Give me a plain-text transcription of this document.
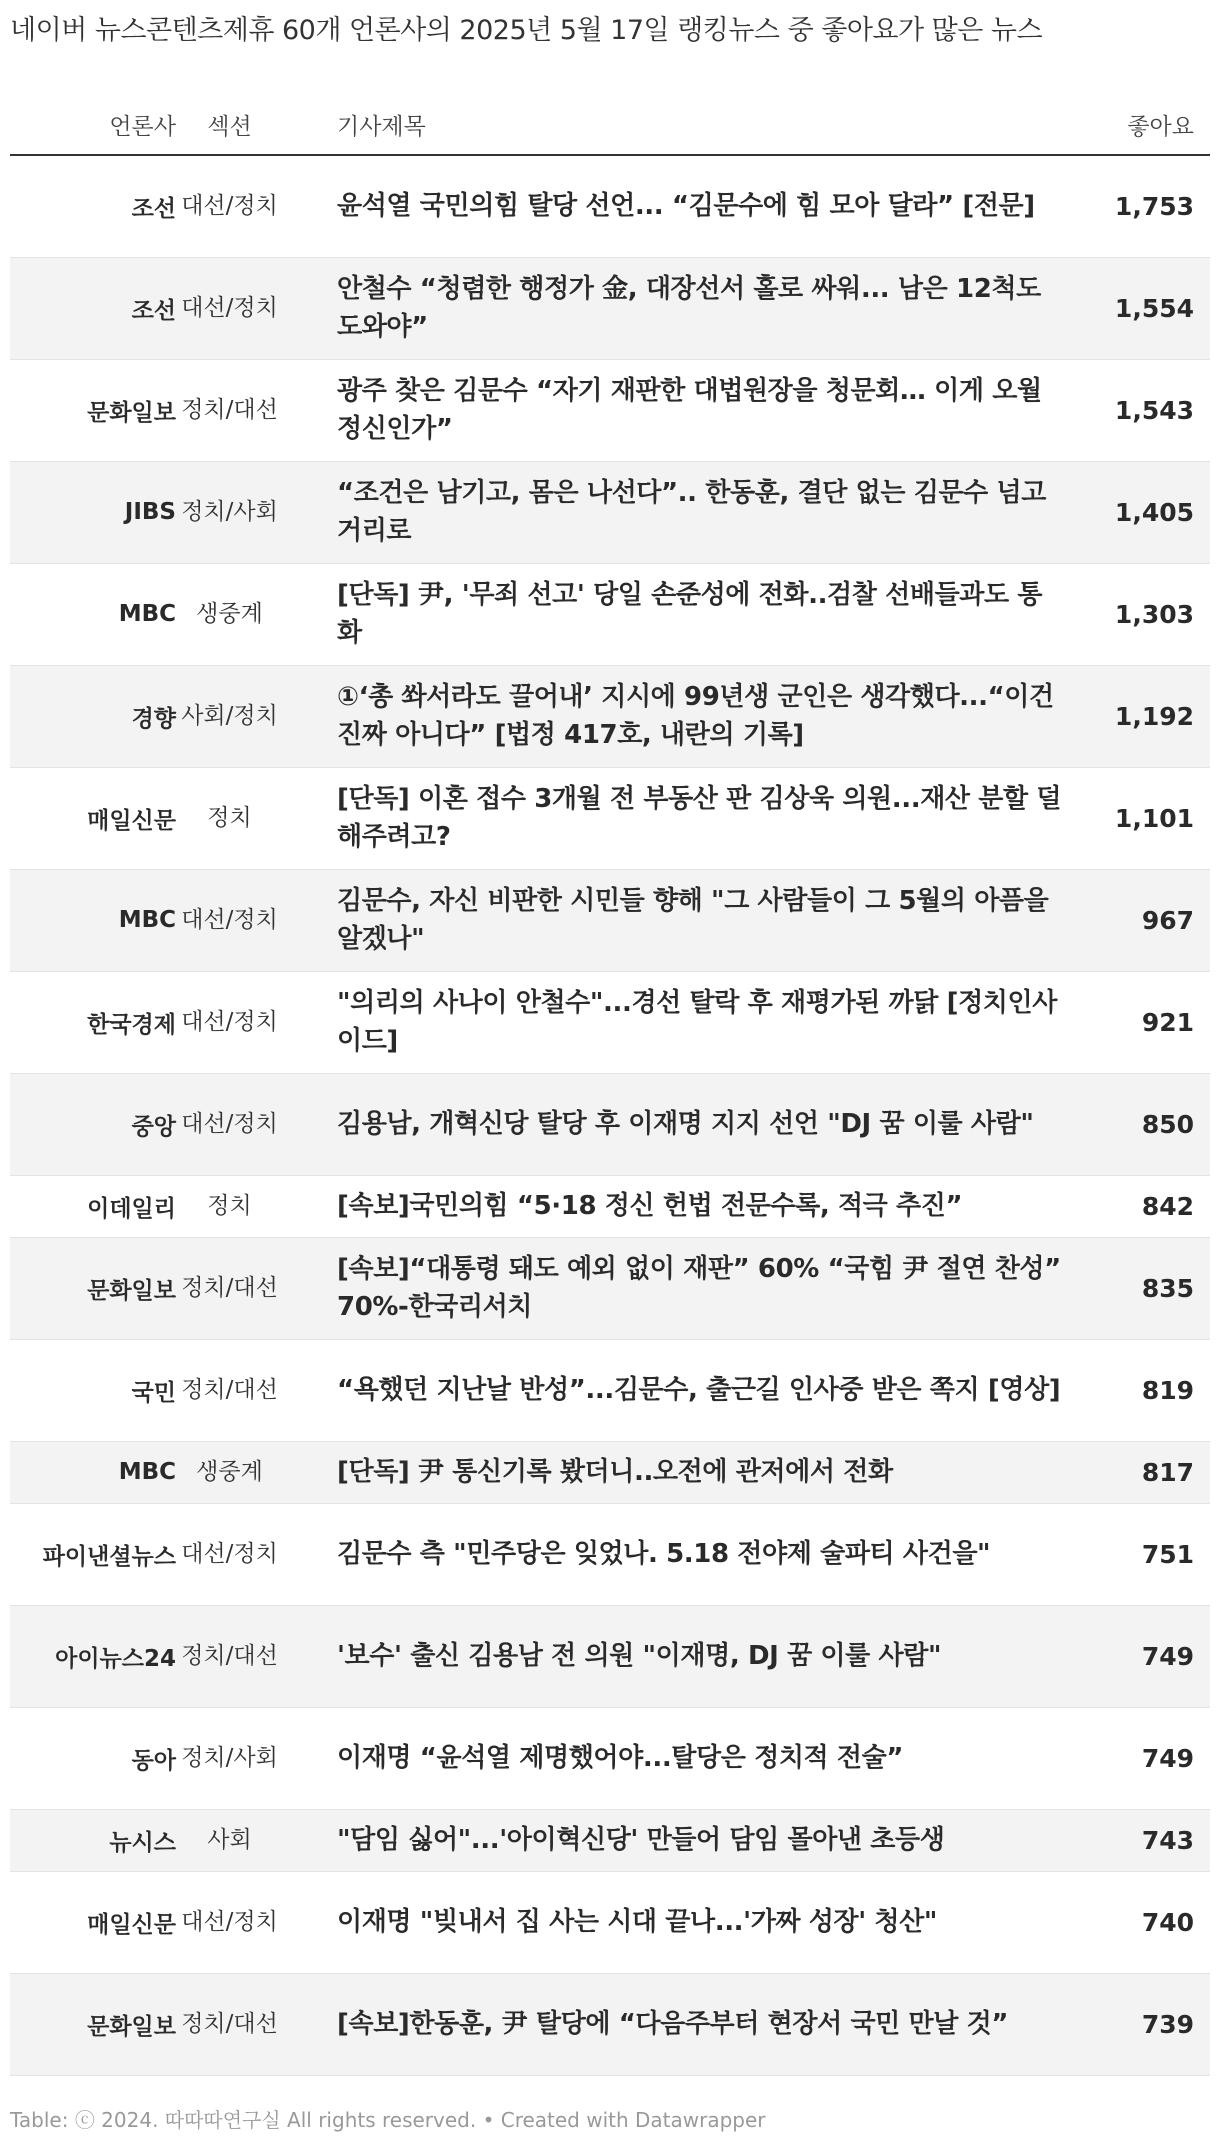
네이버 뉴스콘텐츠제휴 60개 언론사의 2025년 5월 17일 랭킹뉴스 중 좋아요가 많은 뉴스
언론사	섹션	기사제목	좋아요
조선	대선/정치	윤석열 국민의힘 탈당 선언... “김문수에 힘 모아 달라” [전문]	1,753
조선	대선/정치	안철수 “청렴한 행정가 金, 대장선서 홀로 싸워... 남은 12척도 도와야”	1,554
문화일보	정치/대선	광주 찾은 김문수 “자기 재판한 대법원장을 청문회… 이게 오월 정신인가”	1,543
JIBS	정치/사회	“조건은 남기고, 몸은 나선다”.. 한동훈, 결단 없는 김문수 넘고 거리로	1,405
MBC	생중계	[단독] 尹, '무죄 선고' 당일 손준성에 전화..검찰 선배들과도 통화	1,303
경향	사회/정치	①‘총 쏴서라도 끌어내’ 지시에 99년생 군인은 생각했다...“이건 진짜 아니다” [법정 417호, 내란의 기록]	1,192
매일신문	정치	[단독] 이혼 접수 3개월 전 부동산 판 김상욱 의원...재산 분할 덜 해주려고?	1,101
MBC	대선/정치	김문수, 자신 비판한 시민들 향해 "그 사람들이 그 5월의 아픔을 알겠나"	967
한국경제	대선/정치	"의리의 사나이 안철수"...경선 탈락 후 재평가된 까닭 [정치인사이드]	921
중앙	대선/정치	김용남, 개혁신당 탈당 후 이재명 지지 선언 "DJ 꿈 이룰 사람"	850
이데일리	정치	[속보]국민의힘 “5·18 정신 헌법 전문수록, 적극 추진”	842
문화일보	정치/대선	[속보]“대통령 돼도 예외 없이 재판” 60% “국힘 尹 절연 찬성” 70%-한국리서치	835
국민	정치/대선	“욕했던 지난날 반성”...김문수, 출근길 인사중 받은 쪽지 [영상]	819
MBC	생중계	[단독] 尹 통신기록 봤더니..오전에 관저에서 전화	817
파이낸셜뉴스	대선/정치	김문수 측 "민주당은 잊었나. 5.18 전야제 술파티 사건을"	751
아이뉴스24	정치/대선	'보수' 출신 김용남 전 의원 "이재명, DJ 꿈 이룰 사람"	749
동아	정치/사회	이재명 “윤석열 제명했어야...탈당은 정치적 전술”	749
뉴시스	사회	"담임 싫어"...'아이혁신당' 만들어 담임 몰아낸 초등생	743
매일신문	대선/정치	이재명 "빚내서 집 사는 시대 끝나...'가짜 성장' 청산"	740
문화일보	정치/대선	[속보]한동훈, 尹 탈당에 “다음주부터 현장서 국민 만날 것”	739
Table: ⓒ 2024. 따따따연구실 All rights reserved. • Created with Datawrapper
